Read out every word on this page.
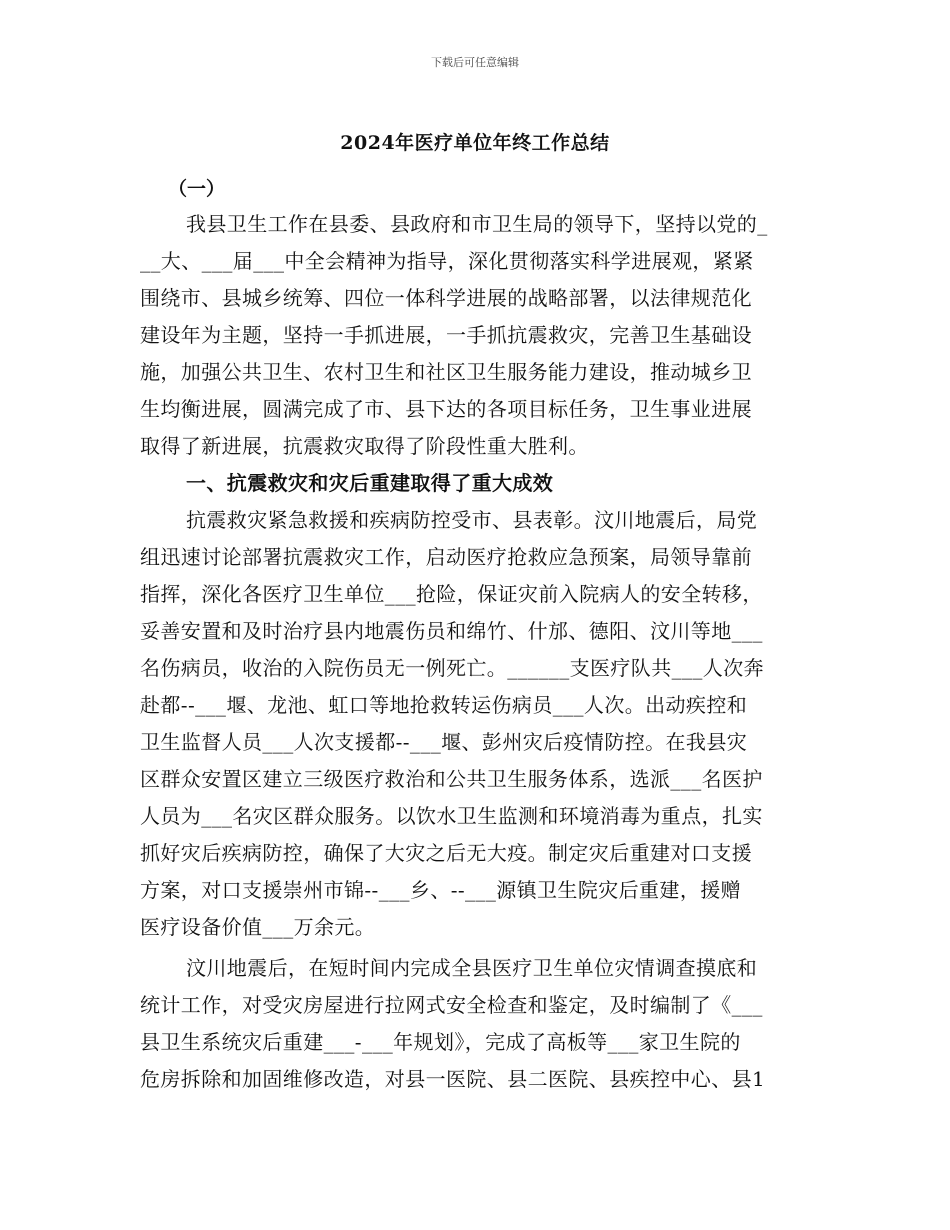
下载后可任意编辑
2024年医疗单位年终工作总结
（一）
我县卫生工作在县委、县政府和市卫生局的领导下，坚持以党的_
__大、___届___中全会精神为指导，深化贯彻落实科学进展观，紧紧
围绕市、县城乡统筹、四位一体科学进展的战略部署，以法律规范化
建设年为主题，坚持一手抓进展，一手抓抗震救灾，完善卫生基础设
施，加强公共卫生、农村卫生和社区卫生服务能力建设，推动城乡卫
生均衡进展，圆满完成了市、县下达的各项目标任务，卫生事业进展
取得了新进展，抗震救灾取得了阶段性重大胜利。
一、抗震救灾和灾后重建取得了重大成效
抗震救灾紧急救援和疾病防控受市、县表彰。汶川地震后，局党
组迅速讨论部署抗震救灾工作，启动医疗抢救应急预案，局领导靠前
指挥，深化各医疗卫生单位___抢险，保证灾前入院病人的安全转移，
妥善安置和及时治疗县内地震伤员和绵竹、什邡、德阳、汶川等地___
名伤病员，收治的入院伤员无一例死亡。______支医疗队共___人次奔
赴都--___堰、龙池、虹口等地抢救转运伤病员___人次。出动疾控和
卫生监督人员___人次支援都--___堰、彭州灾后疫情防控。在我县灾
区群众安置区建立三级医疗救治和公共卫生服务体系，选派___名医护
人员为___名灾区群众服务。以饮水卫生监测和环境消毒为重点，扎实
抓好灾后疾病防控，确保了大灾之后无大疫。制定灾后重建对口支援
方案，对口支援崇州市锦--___乡、--___源镇卫生院灾后重建，援赠
医疗设备价值___万余元。
汶川地震后，在短时间内完成全县医疗卫生单位灾情调查摸底和
统计工作，对受灾房屋进行拉网式安全检查和鉴定，及时编制了《___
县卫生系统灾后重建___-___年规划》，完成了高板等___家卫生院的
危房拆除和加固维修改造，对县一医院、县二医院、县疾控中心、县1
